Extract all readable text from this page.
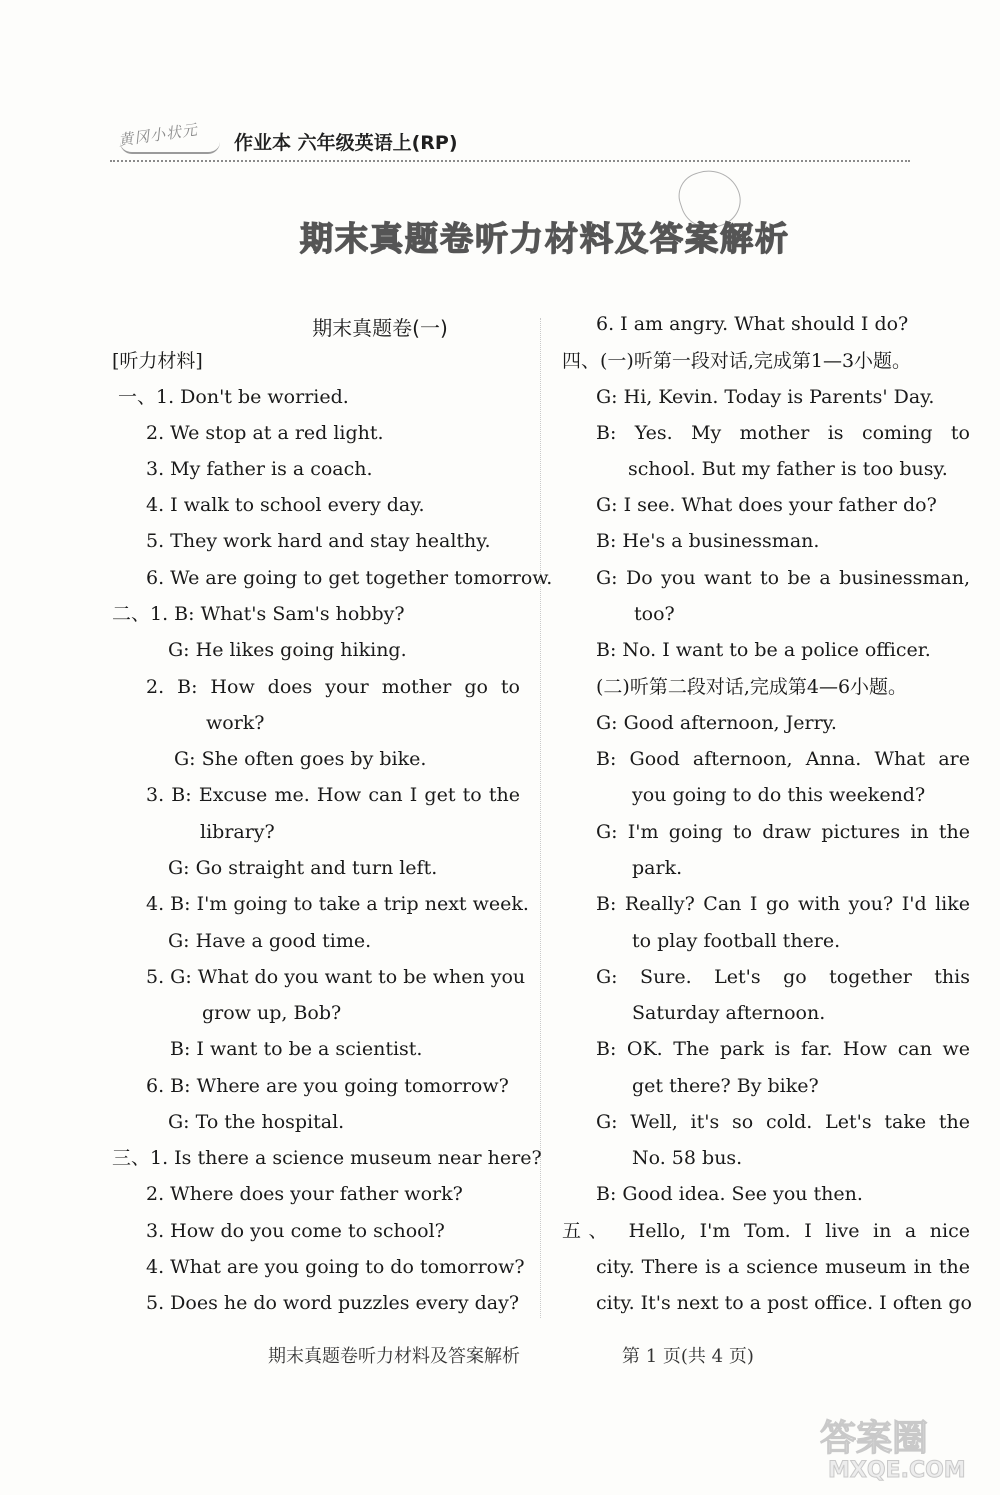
黄冈小状元 作业本 六年级英语上(RP)
期末真题卷听力材料及答案解析
期末真题卷(一)
[听力材料]
一、1. Don't be worried.
2. We stop at a red light.
3. My father is a coach.
4. I walk to school every day.
5. They work hard and stay healthy.
6. We are going to get together tomorrow.
二、1. B: What's Sam's hobby?
G: He likes going hiking.
2. B: How does your mother go to
work?
G: She often goes by bike.
3. B: Excuse me. How can I get to the
library?
G: Go straight and turn left.
4. B: I'm going to take a trip next week.
G: Have a good time.
5. G: What do you want to be when you
grow up, Bob?
B: I want to be a scientist.
6. B: Where are you going tomorrow?
G: To the hospital.
三、1. Is there a science museum near here?
2. Where does your father work?
3. How do you come to school?
4. What are you going to do tomorrow?
5. Does he do word puzzles every day?
6. I am angry. What should I do?
四、(一)听第一段对话,完成第1—3小题。
G: Hi, Kevin. Today is Parents' Day.
B: Yes. My mother is coming to
school. But my father is too busy.
G: I see. What does your father do?
B: He's a businessman.
G: Do you want to be a businessman,
too?
B: No. I want to be a police officer.
(二)听第二段对话,完成第4—6小题。
G: Good afternoon, Jerry.
B: Good afternoon, Anna. What are
you going to do this weekend?
G: I'm going to draw pictures in the
park.
B: Really? Can I go with you? I'd like
to play football there.
G: Sure. Let's go together this
Saturday afternoon.
B: OK. The park is far. How can we
get there? By bike?
G: Well, it's so cold. Let's take the
No. 58 bus.
B: Good idea. See you then.
五、 Hello, I'm Tom. I live in a nice
city. There is a science museum in the
city. It's next to a post office. I often go
期末真题卷听力材料及答案解析	第 1 页(共 4 页)
答案圈
MXQE.COM
